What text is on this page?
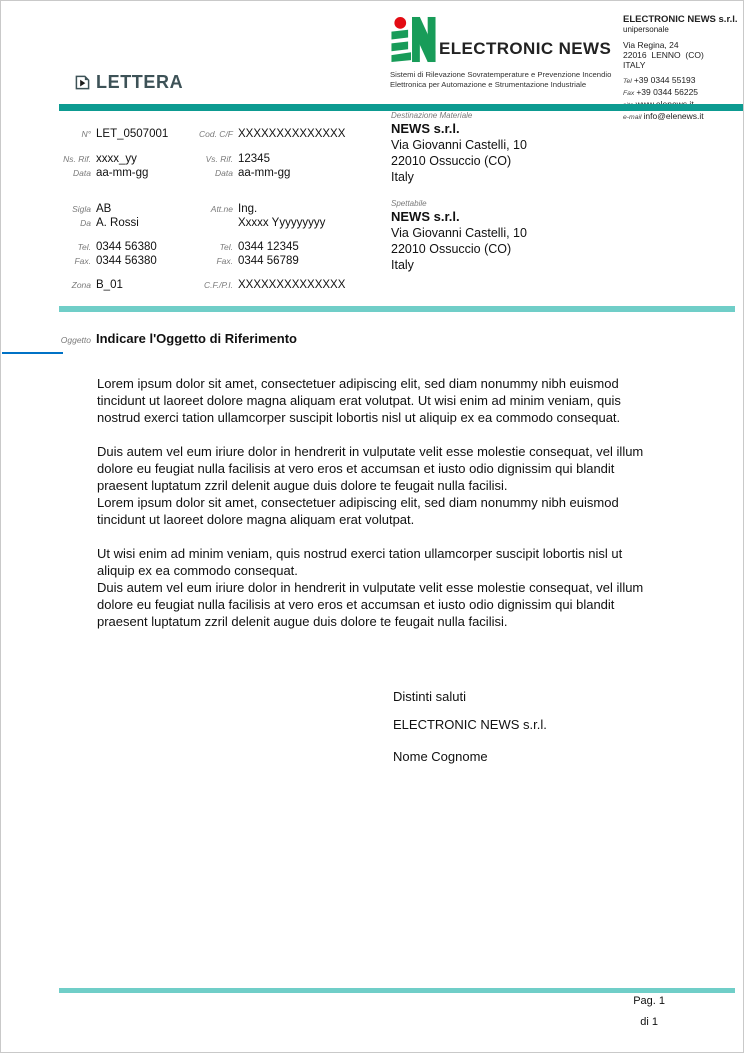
ELECTRONIC NEWS
Sistemi di Rilevazione Sovratemperature e Prevenzione Incendio
Elettronica per Automazione e Strumentazione Industriale
ELECTRONIC NEWS s.r.l.
unipersonale
Via Regina, 24
22016  LENNO  (CO)
ITALY
Tel +39 0344 55193
Fax +39 0344 56225
e-mail info@elenews.it
LETTERA
Destinazione Materiale
NEWS s.r.l.
Via Giovanni Castelli, 10
22010 Ossuccio (CO)
Italy
Spettabile
NEWS s.r.l.
Via Giovanni Castelli, 10
22010 Ossuccio (CO)
Italy
N° LET_0507001	Cod. C/F XXXXXXXXXXXXXX
Ns. Rif. xxxx_yy	Vs. Rif. 12345
Data aa-mm-gg	Data aa-mm-gg
Sigla AB	Att.ne Ing.
Da A. Rossi	Xxxxx Yyyyyyyyy
Tel. 0344 56380	Tel. 0344 12345
Fax. 0344 56380	Fax. 0344 56789
Zona B_01	C.F./P.I. XXXXXXXXXXXXXX
Oggetto Indicare l'Oggetto di Riferimento

Lorem ipsum dolor sit amet, consectetuer adipiscing elit, sed diam nonummy nibh euismod tincidunt ut laoreet dolore magna aliquam erat volutpat. Ut wisi enim ad minim veniam, quis nostrud exerci tation ullamcorper suscipit lobortis nisl ut aliquip ex ea commodo consequat.

Duis autem vel eum iriure dolor in hendrerit in vulputate velit esse molestie consequat, vel illum dolore eu feugiat nulla facilisis at vero eros et accumsan et iusto odio dignissim qui blandit praesent luptatum zzril delenit augue duis dolore te feugait nulla facilisi.

Lorem ipsum dolor sit amet, consectetuer adipiscing elit, sed diam nonummy nibh euismod tincidunt ut laoreet dolore magna aliquam erat volutpat.

Ut wisi enim ad minim veniam, quis nostrud exerci tation ullamcorper suscipit lobortis nisl ut aliquip ex ea commodo consequat.

Duis autem vel eum iriure dolor in hendrerit in vulputate velit esse molestie consequat, vel illum dolore eu feugiat nulla facilisis at vero eros et accumsan et iusto odio dignissim qui blandit praesent luptatum zzril delenit augue duis dolore te feugait nulla facilisi.

Distinti saluti
ELECTRONIC NEWS s.r.l.
Nome Cognome
Pag. 1
di 1
